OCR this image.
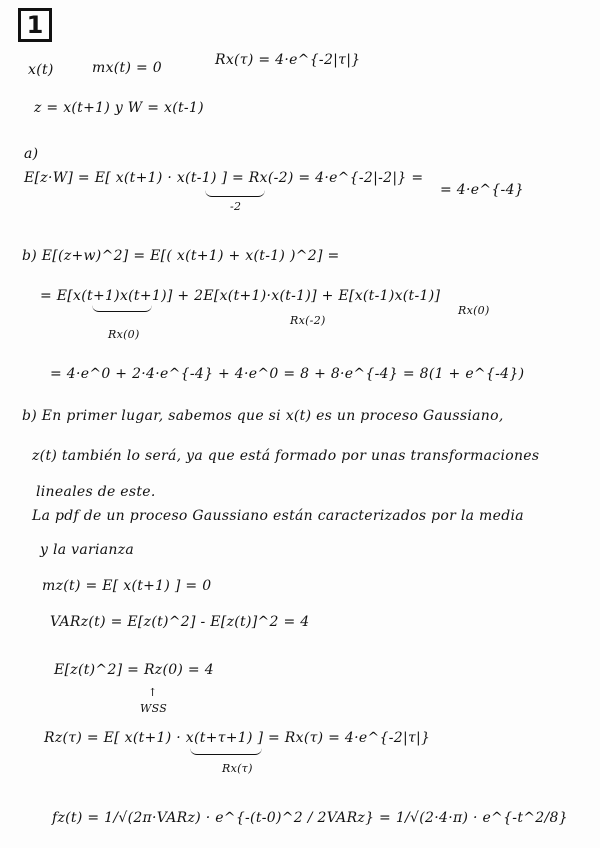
1
x(t)	mx(t) = 0	Rx(τ) = 4·e^{-2|τ|}
z = x(t+1) y W = x(t-1)
a)
E[z·W] = E[ x(t+1) · x(t-1) ] = Rx(-2) = 4·e^{-2|-2|} =
-2
= 4·e^{-4}
b) E[(z+w)^2] = E[( x(t+1) + x(t-1) )^2] =
= E[x(t+1)x(t+1)] + 2E[x(t+1)·x(t-1)] + E[x(t-1)x(t-1)]
Rx(0)
Rx(-2)
Rx(0)
= 4·e^0 + 2·4·e^{-4} + 4·e^0 = 8 + 8·e^{-4} = 8(1 + e^{-4})
b) En primer lugar, sabemos que si x(t) es un proceso Gaussiano,
z(t) también lo será, ya que está formado por unas transformaciones
lineales de este.
La pdf de un proceso Gaussiano están caracterizados por la media
y la varianza
mz(t) = E[ x(t+1) ] = 0
VARz(t) = E[z(t)^2] - E[z(t)]^2 = 4
E[z(t)^2] = Rz(0) = 4
↑
WSS
Rz(τ) = E[ x(t+1) · x(t+τ+1) ] = Rx(τ) = 4·e^{-2|τ|}
Rx(τ)
fz(t) = 1/√(2π·VARz) · e^{-(t-0)^2 / 2VARz} = 1/√(2·4·π) · e^{-t^2/8}
